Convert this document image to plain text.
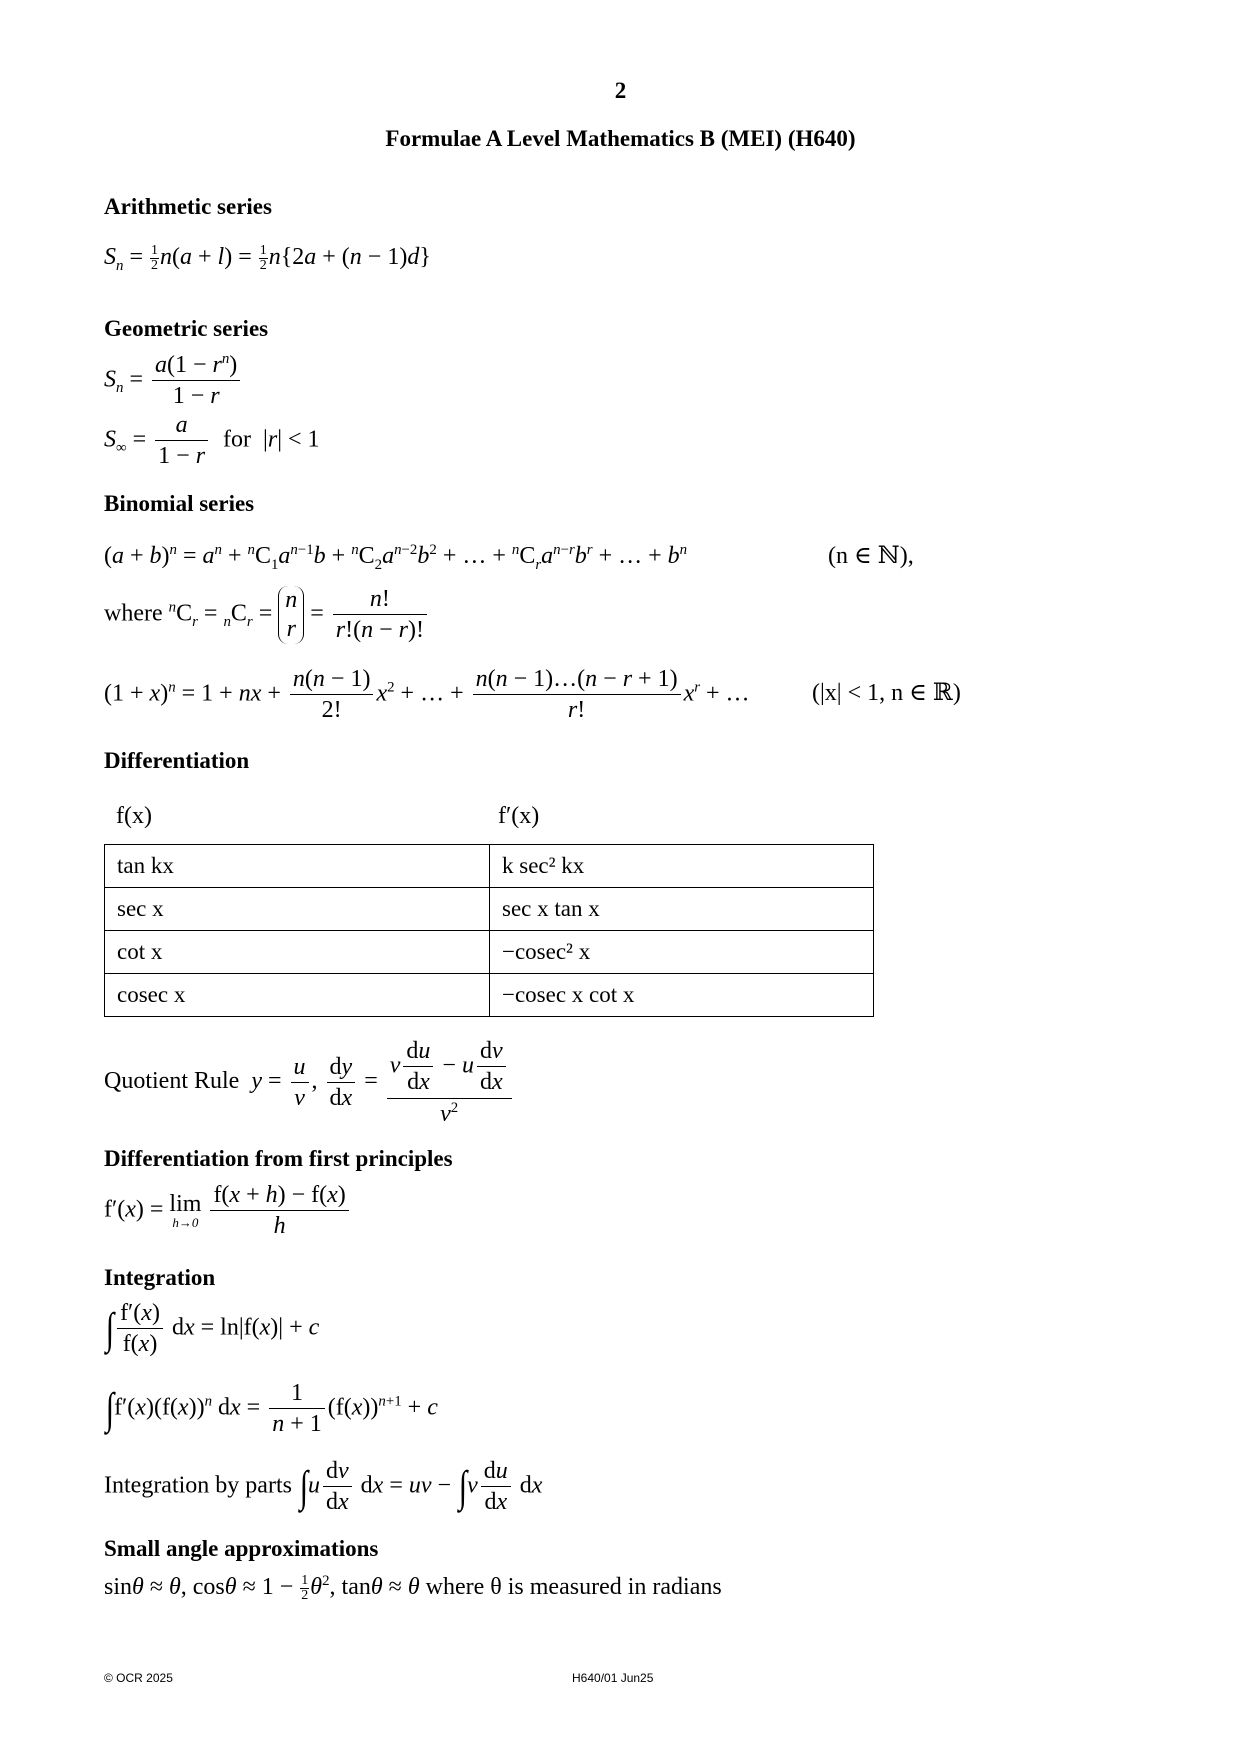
2
Formulae A Level Mathematics B (MEI) (H640)
Arithmetic series
$S_n = \frac{1}{2} n(a + l) = \frac{1}{2} n\{2a + (n - 1)d\}$
Geometric series
$S_n = \frac{a(1 - r^n)}{1 - r}$
$S_\infty = \frac{a}{1 - r}$ for  |r| < 1
Binomial series
$(a + b)^n = a^n + ^nC_1a^{n-1}b + ^nC_2a^{n-2}b^2$ + … + $^nC_ra^{n-r}b^r$ + … + $b^n$	(n ∈ ℕ),
where $^nC_r = _nC_r$ =
n
r
= $\frac{n!}{r!(n - r)!}$
$(1 + x)^n = 1$ + nx + $\frac{n(n - 1)}{2!} x^2$ + … + $\frac{n(n - 1)\dots(n - r + 1)}{r!} x^r$ + …	(|x| < 1, n ∈ ℝ)
Differentiation
f(x)	f′(x)
tan kx	k sec² kx
sec x	sec x tan x
cot x	−cosec² x
cosec x	−cosec x cot x
Quotient Rule $y = \frac{u}{v}$ , $\frac{dy}{dx} = \frac{v \frac{du}{dx} - u \frac{dv}{dx}}{v^2}$
Differentiation from first principles
f′(x) = lim
h→0
$\frac{f(x + h) - f(x)}{h}$
Integration
∫ $\frac{f'(x)}{f(x)}$ dx = ln|f(x)| + c
$\int f'(x)(f(x))^n$ dx = $\frac{1}{n + 1} (f(x))^{n+1} + c$
Integration by parts $\int u \frac{dv}{dx}$ dx = uv − $\int v \frac{du}{dx}$ dx
Small angle approximations
sinθ ≈ θ, $\cos\theta \approx 1 - \frac{1}{2} \theta^2$, tanθ ≈ θ where θ is measured in radians
© OCR 2025	H640/01 Jun25
